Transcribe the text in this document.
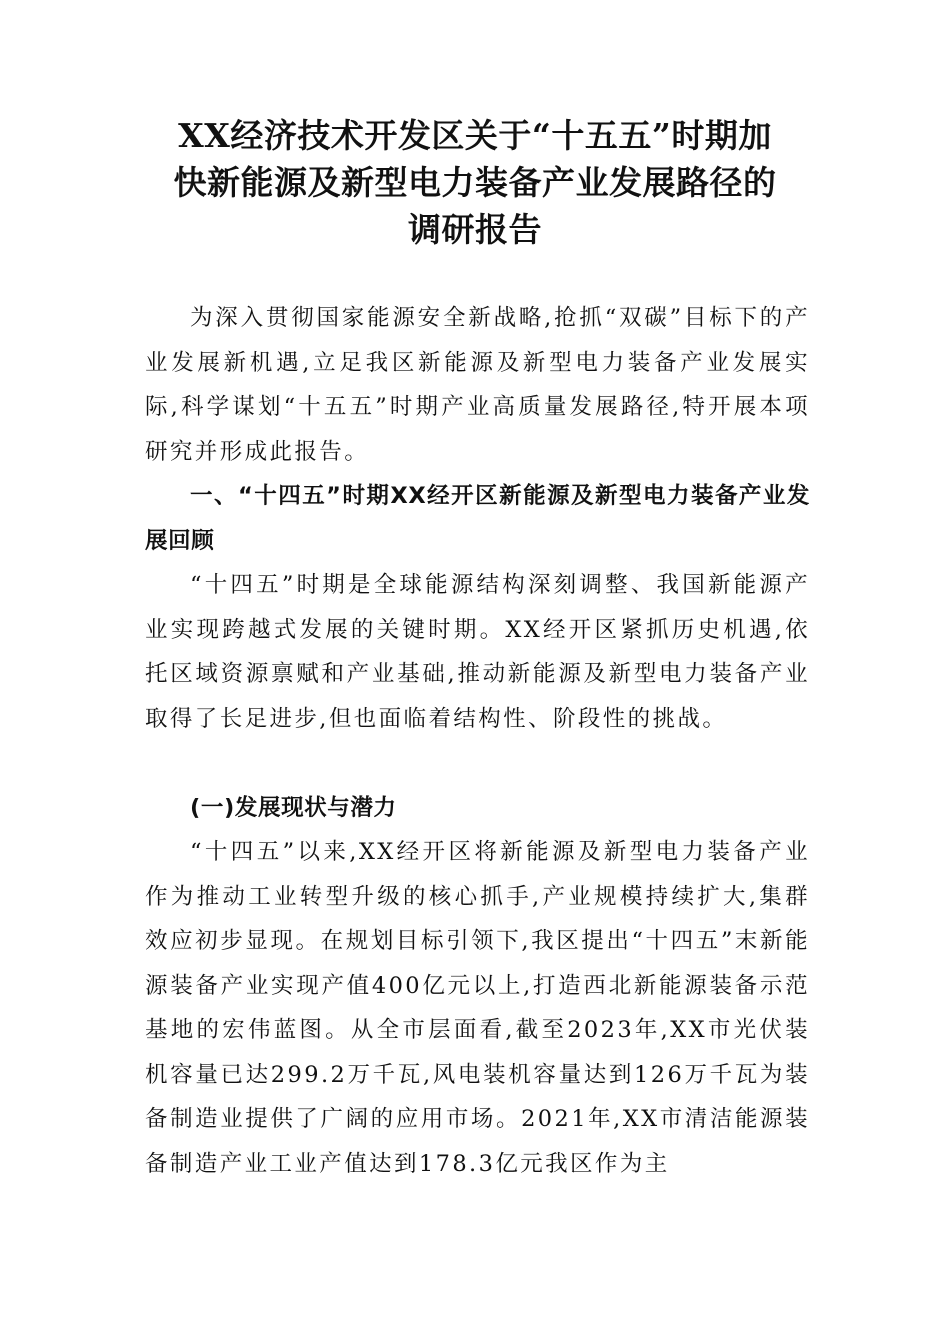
XX经济技术开发区关于“十五五”时期加
快新能源及新型电力装备产业发展路径的
调研报告

为深入贯彻国家能源安全新战略,抢抓“双碳”目标下的产业发展新机遇,立足我区新能源及新型电力装备产业发展实际,科学谋划“十五五”时期产业高质量发展路径,特开展本项研究并形成此报告。

一、“十四五”时期XX经开区新能源及新型电力装备产业发展回顾

“十四五”时期是全球能源结构深刻调整、我国新能源产业实现跨越式发展的关键时期。XX经开区紧抓历史机遇,依托区域资源禀赋和产业基础,推动新能源及新型电力装备产业取得了长足进步,但也面临着结构性、阶段性的挑战。

(一)发展现状与潜力

“十四五”以来,XX经开区将新能源及新型电力装备产业作为推动工业转型升级的核心抓手,产业规模持续扩大,集群效应初步显现。在规划目标引领下,我区提出“十四五”末新能源装备产业实现产值400亿元以上,打造西北新能源装备示范基地的宏伟蓝图。从全市层面看,截至2023年,XX市光伏装机容量已达299.2万千瓦,风电装机容量达到126万千瓦为装备制造业提供了广阔的应用市场。2021年,XX市清洁能源装备制造产业工业产值达到178.3亿元我区作为主
